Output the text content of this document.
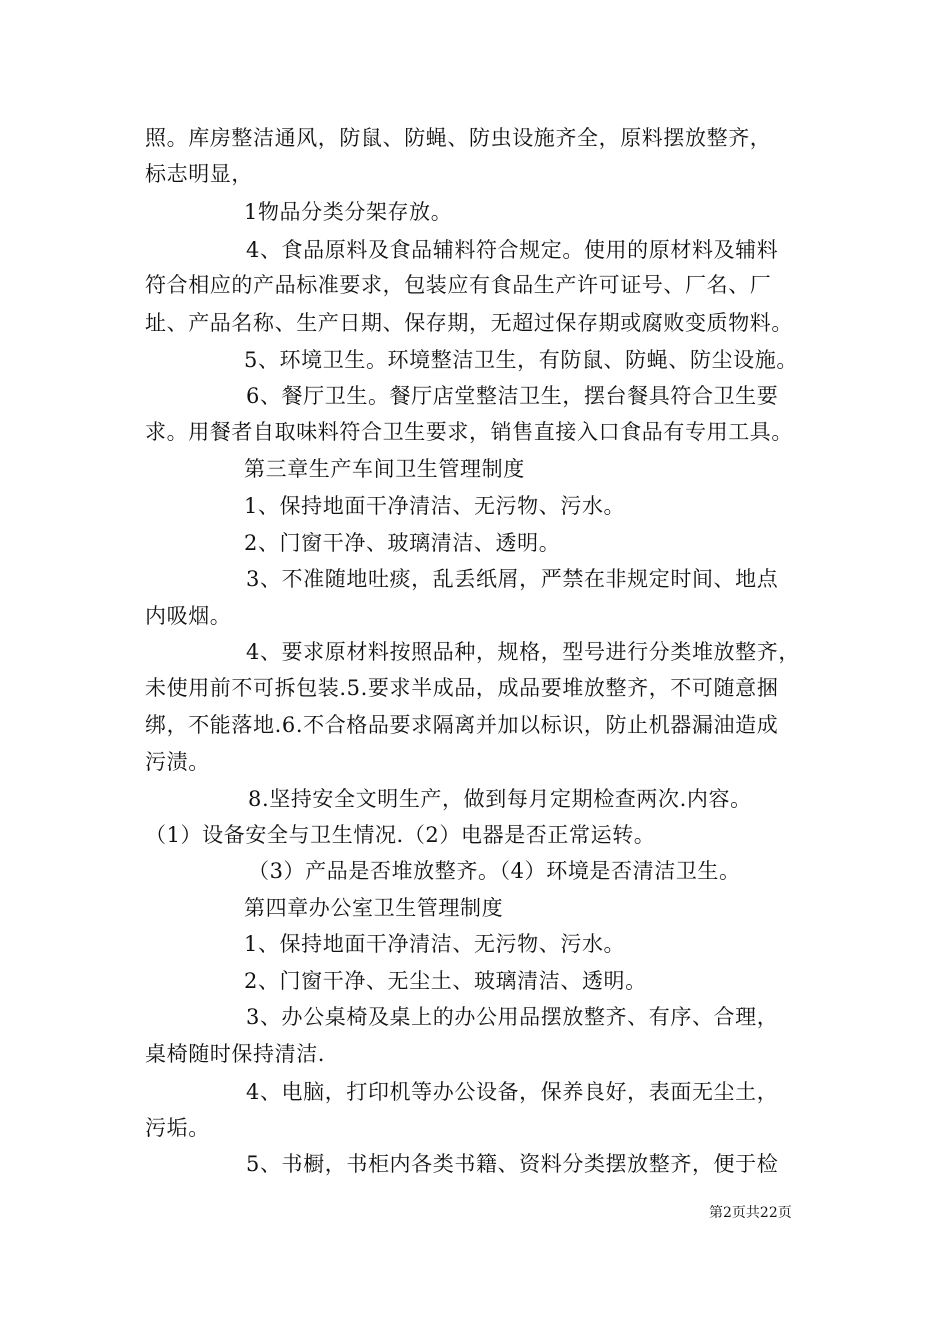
照。库房整洁通风，防鼠、防蝇、防虫设施齐全，原料摆放整齐，
标志明显，
1物品分类分架存放。
4、食品原料及食品辅料符合规定。使用的原材料及辅料
符合相应的产品标准要求，包装应有食品生产许可证号、厂名、厂
址、产品名称、生产日期、保存期，无超过保存期或腐败变质物料。
5、环境卫生。环境整洁卫生，有防鼠、防蝇、防尘设施。
6、餐厅卫生。餐厅店堂整洁卫生，摆台餐具符合卫生要
求。用餐者自取味料符合卫生要求，销售直接入口食品有专用工具。
第三章生产车间卫生管理制度
1、保持地面干净清洁、无污物、污水。
2、门窗干净、玻璃清洁、透明。
3、不准随地吐痰，乱丢纸屑，严禁在非规定时间、地点
内吸烟。
4、要求原材料按照品种，规格，型号进行分类堆放整齐，
未使用前不可拆包装.5.要求半成品，成品要堆放整齐，不可随意捆
绑，不能落地.6.不合格品要求隔离并加以标识，防止机器漏油造成
污渍。
8.坚持安全文明生产，做到每月定期检查两次.内容。
（1）设备安全与卫生情况.（2）电器是否正常运转。
（3）产品是否堆放整齐。（4）环境是否清洁卫生。
第四章办公室卫生管理制度
1、保持地面干净清洁、无污物、污水。
2、门窗干净、无尘土、玻璃清洁、透明。
3、办公桌椅及桌上的办公用品摆放整齐、有序、合理，
桌椅随时保持清洁.
4、电脑，打印机等办公设备，保养良好，表面无尘土，
污垢。
5、书橱，书柜内各类书籍、资料分类摆放整齐，便于检
第2页共22页
